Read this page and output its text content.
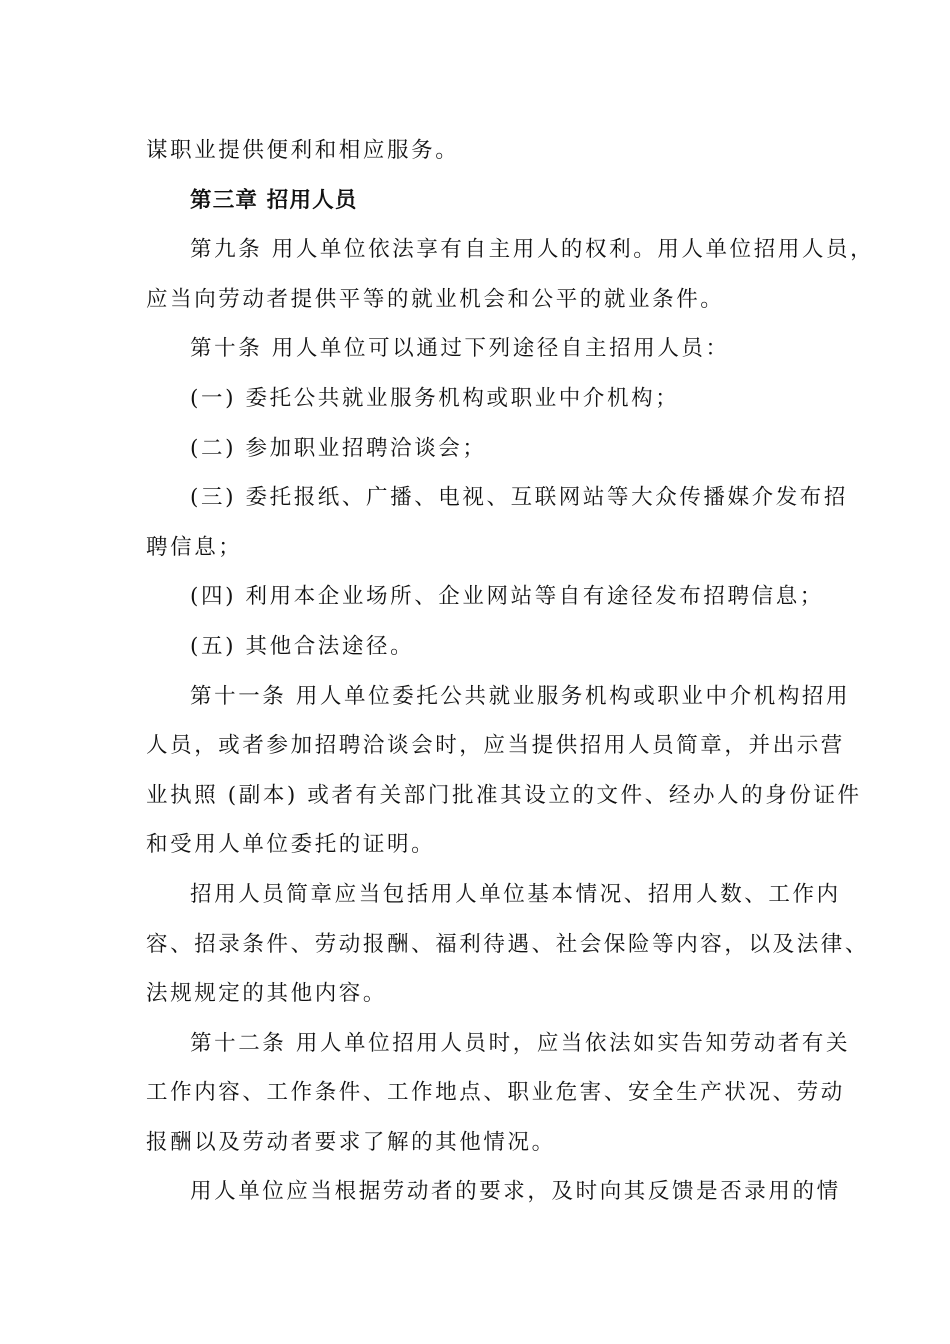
谋职业提供便利和相应服务。
第三章 招用人员
第九条 用人单位依法享有自主用人的权利。用人单位招用人员，
应当向劳动者提供平等的就业机会和公平的就业条件。
第十条 用人单位可以通过下列途径自主招用人员：
(一) 委托公共就业服务机构或职业中介机构；
(二) 参加职业招聘洽谈会；
(三) 委托报纸、广播、电视、互联网站等大众传播媒介发布招
聘信息；
(四) 利用本企业场所、企业网站等自有途径发布招聘信息；
(五) 其他合法途径。
第十一条 用人单位委托公共就业服务机构或职业中介机构招用
人员，或者参加招聘洽谈会时，应当提供招用人员简章，并出示营
业执照 (副本) 或者有关部门批准其设立的文件、经办人的身份证件
和受用人单位委托的证明。
招用人员简章应当包括用人单位基本情况、招用人数、工作内
容、招录条件、劳动报酬、福利待遇、社会保险等内容，以及法律、
法规规定的其他内容。
第十二条 用人单位招用人员时，应当依法如实告知劳动者有关
工作内容、工作条件、工作地点、职业危害、安全生产状况、劳动
报酬以及劳动者要求了解的其他情况。
用人单位应当根据劳动者的要求，及时向其反馈是否录用的情
